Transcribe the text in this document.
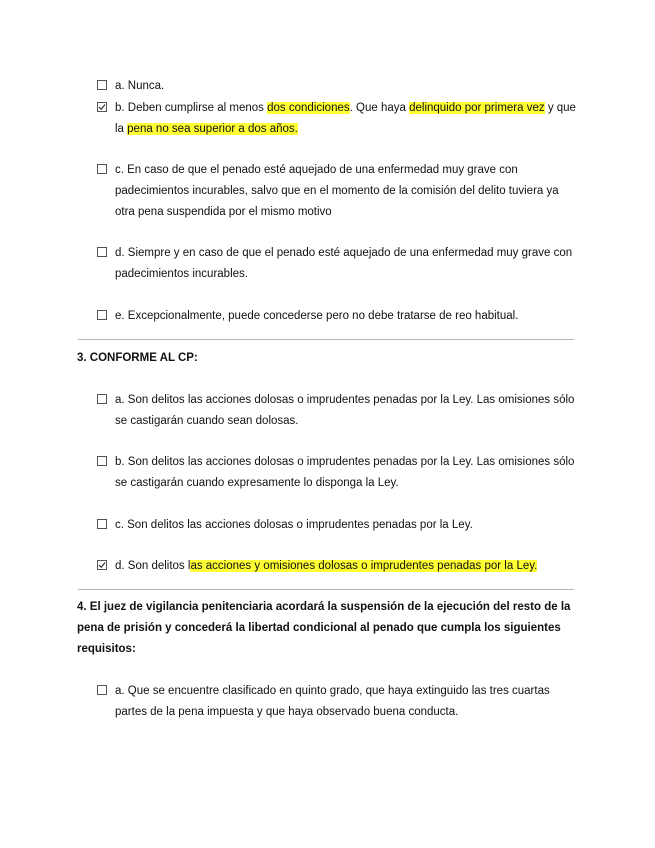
a. Nunca.
b. Deben cumplirse al menos dos condiciones. Que haya delinquido por primera vez y que la pena no sea superior a dos años.
c. En caso de que el penado esté aquejado de una enfermedad muy grave con padecimientos incurables, salvo que en el momento de la comisión del delito tuviera ya otra pena suspendida por el mismo motivo
d. Siempre y en caso de que el penado esté aquejado de una enfermedad muy grave con padecimientos incurables.
e. Excepcionalmente, puede concederse pero no debe tratarse de reo habitual.
3. CONFORME AL CP:
a. Son delitos las acciones dolosas o imprudentes penadas por la Ley. Las omisiones sólo se castigarán cuando sean dolosas.
b. Son delitos las acciones dolosas o imprudentes penadas por la Ley. Las omisiones sólo se castigarán cuando expresamente lo disponga la Ley.
c. Son delitos las acciones dolosas o imprudentes penadas por la Ley.
d. Son delitos las acciones y omisiones dolosas o imprudentes penadas por la Ley.
4. El juez de vigilancia penitenciaria acordará la suspensión de la ejecución del resto de la pena de prisión y concederá la libertad condicional al penado que cumpla los siguientes requisitos:
a. Que se encuentre clasificado en quinto grado, que haya extinguido las tres cuartas partes de la pena impuesta y que haya observado buena conducta.
